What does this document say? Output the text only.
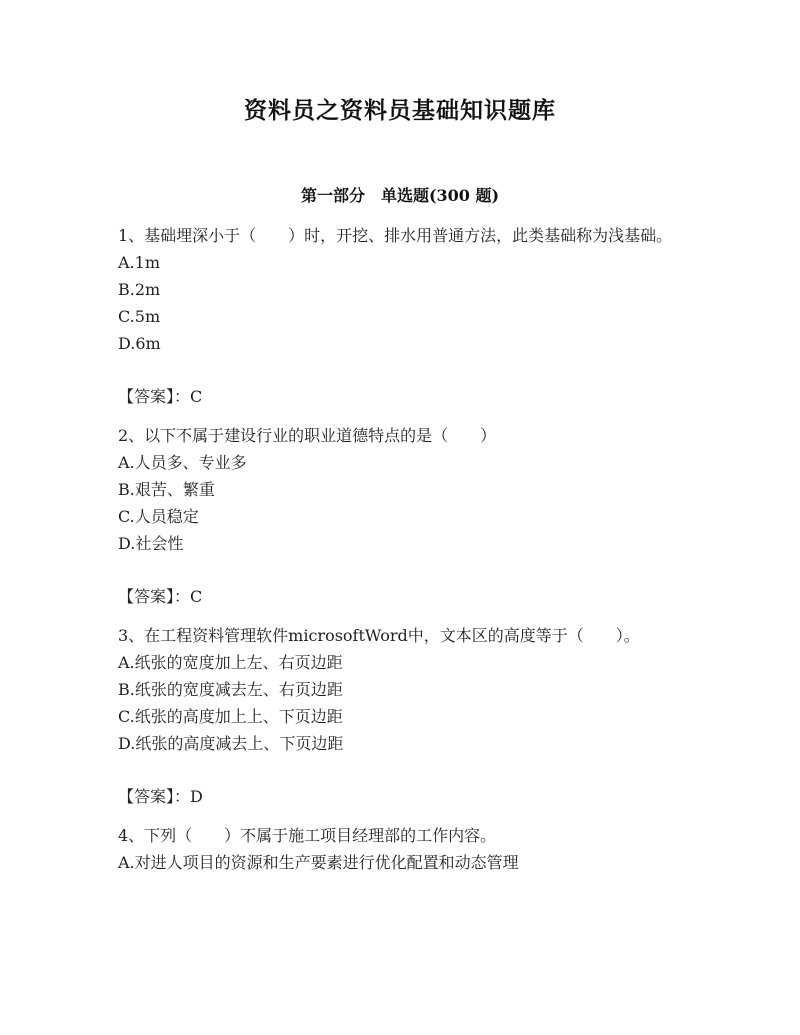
资料员之资料员基础知识题库
第一部分　单选题(300 题)

1、基础埋深小于（　　）时，开挖、排水用普通方法，此类基础称为浅基础。

A.1m

B.2m

C.5m

D.6m

【答案】：C

2、以下不属于建设行业的职业道德特点的是（　　）

A.人员多、专业多

B.艰苦、繁重

C.人员稳定

D.社会性

【答案】：C

3、在工程资料管理软件microsoftWord中，文本区的高度等于（　　）。

A.纸张的宽度加上左、右页边距

B.纸张的宽度减去左、右页边距

C.纸张的高度加上上、下页边距

D.纸张的高度减去上、下页边距

【答案】：D

4、下列（　　）不属于施工项目经理部的工作内容。

A.对进人项目的资源和生产要素进行优化配置和动态管理
